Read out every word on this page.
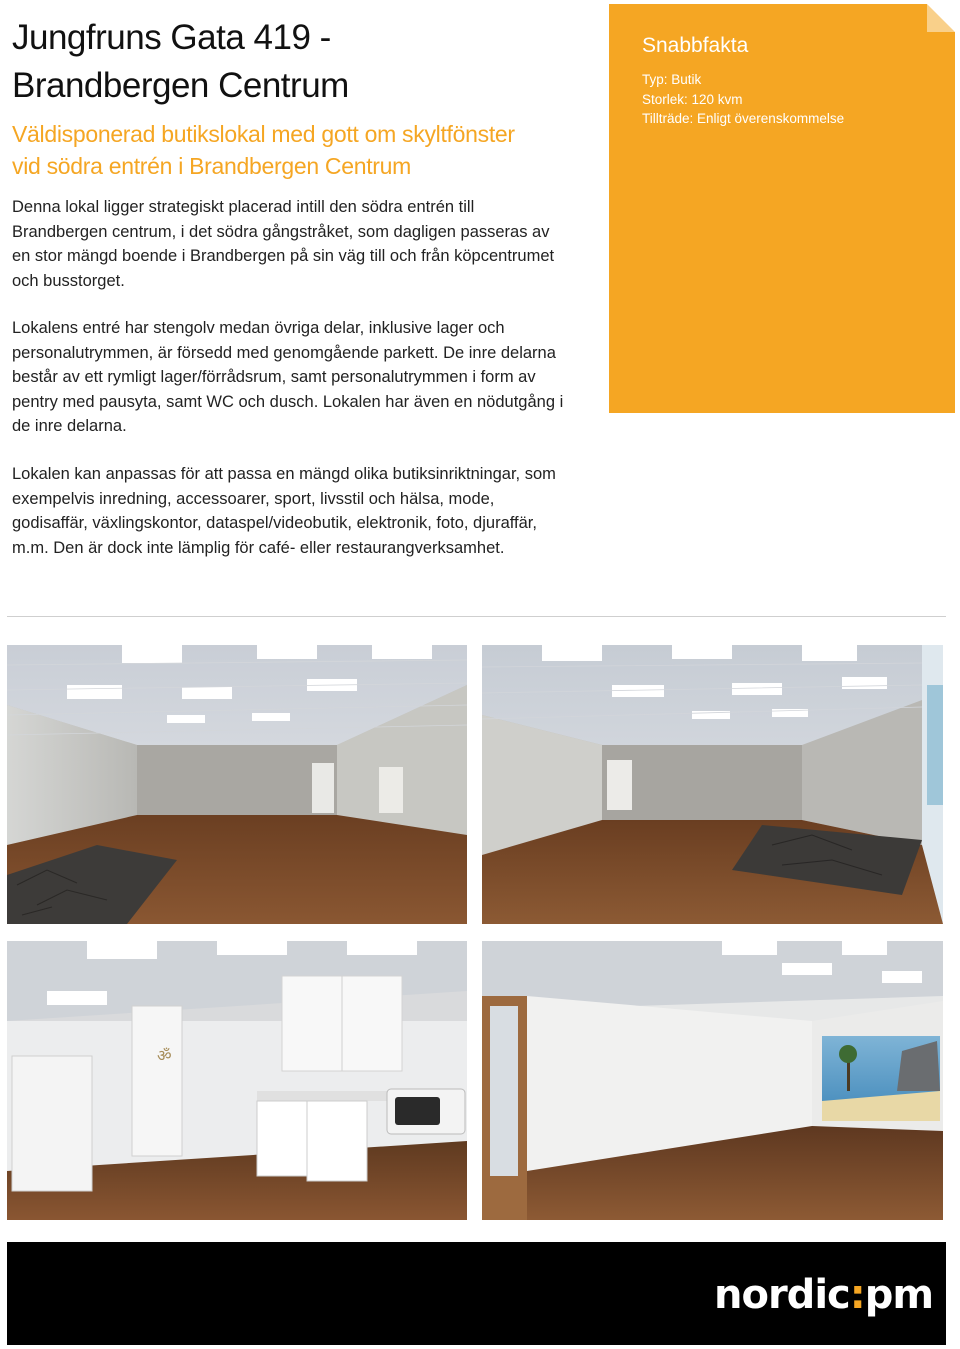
Jungfruns Gata 419 -
Brandbergen Centrum
Väldisponerad butikslokal med gott om skyltfönster
vid södra entrén i Brandbergen Centrum

Denna lokal ligger strategiskt placerad intill den södra entrén till Brandbergen centrum, i det södra gångstråket, som dagligen passeras av en stor mängd boende i Brandbergen på sin väg till och från köpcentrumet och busstorget.

Lokalens entré har stengolv medan övriga delar, inklusive lager och personalutrymmen, är försedd med genomgående parkett. De inre delarna består av ett rymligt lager/förrådsrum, samt personalutrymmen i form av pentry med pausyta, samt WC och dusch. Lokalen har även en nödutgång i de inre delarna.

Lokalen kan anpassas för att passa en mängd olika butiksinriktningar, som exempelvis inredning, accessoarer, sport, livsstil och hälsa, mode, godisaffär, växlingskontor, dataspel/videobutik, elektronik, foto, djuraffär, m.m. Den är dock inte lämplig för café- eller restaurangverksamhet.

Snabbfakta
Typ: Butik
Storlek: 120 kvm
Tillträde: Enligt överenskommelse
ॐ
nordic:pm
